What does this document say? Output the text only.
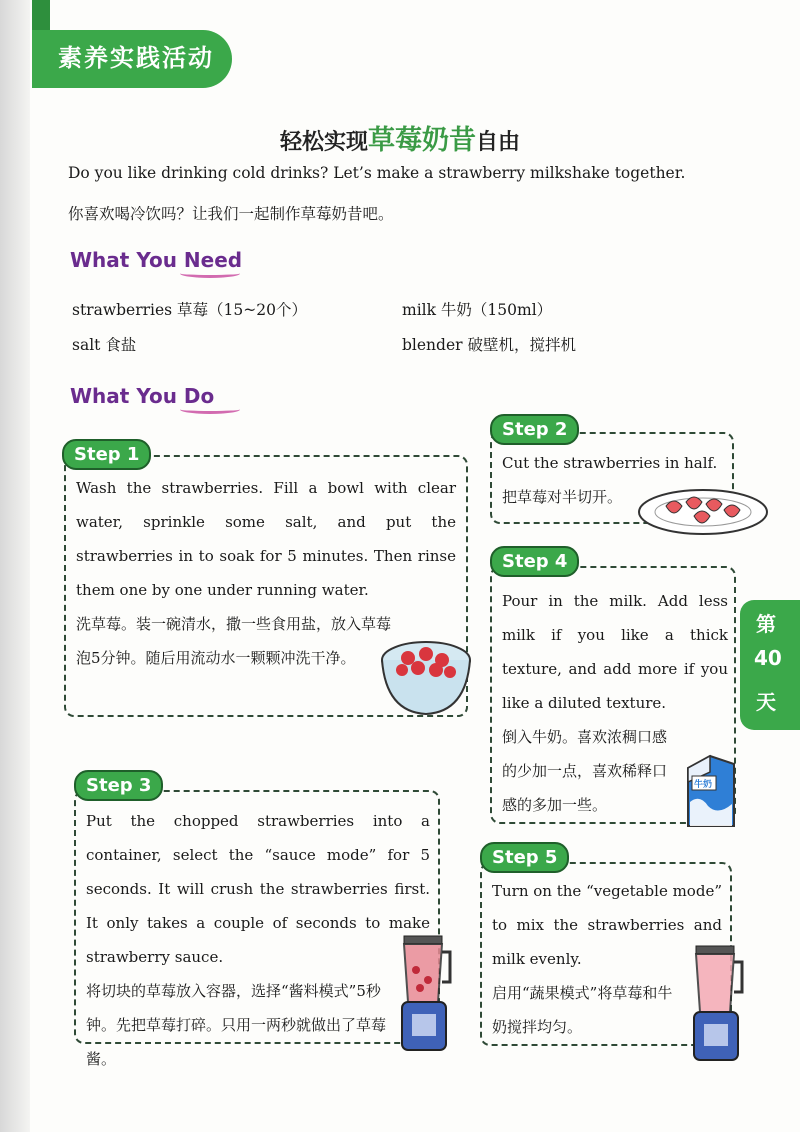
素养实践活动
轻松实现草莓奶昔自由
Do you like drinking cold drinks? Let’s make a strawberry milkshake together.
你喜欢喝冷饮吗？让我们一起制作草莓奶昔吧。
What You Need
strawberries 草莓（15~20个）	milk 牛奶（150ml）
salt 食盐	blender 破壁机，搅拌机
What You Do

Wash the strawberries. Fill a bowl with clear water, sprinkle some salt, and put the strawberries in to soak for 5 minutes. Then rinse them one by one under running water.

洗草莓。装一碗清水，撒一些食用盐，放入草莓泡5分钟。随后用流动水一颗颗冲洗干净。

Step 1	Cut the strawberries in half.

把草莓对半切开。

Step 2

Put the chopped strawberries into a container, select the “sauce mode” for 5 seconds. It will crush the strawberries first. It only takes a couple of seconds to make strawberry sauce.

将切块的草莓放入容器，选择“酱料模式”5秒钟。先把草莓打碎。只用一两秒就做出了草莓酱。

Step 3

Pour in the milk. Add less milk if you like a thick texture, and add more if you like a diluted texture.

倒入牛奶。喜欢浓稠口感的少加一点，喜欢稀释口感的多加一些。

Step 4

Turn on the “vegetable mode” to mix the strawberries and milk evenly.

启用“蔬果模式”将草莓和牛奶搅拌均匀。

Step 5
第
40
天
牛奶
